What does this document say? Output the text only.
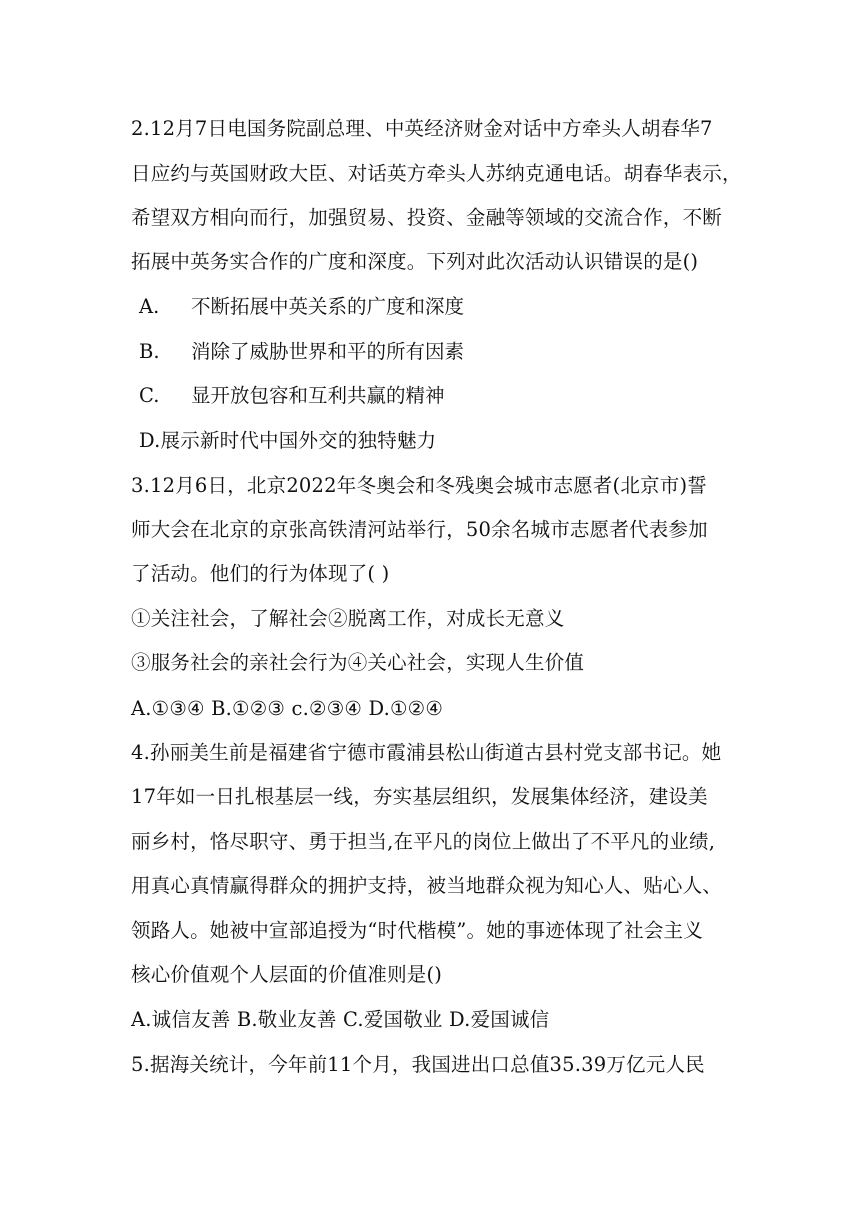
2.12月7日电国务院副总理、中英经济财金对话中方牵头人胡春华7
日应约与英国财政大臣、对话英方牵头人苏纳克通电话。胡春华表示，
希望双方相向而行，加强贸易、投资、金融等领域的交流合作，不断
拓展中英务实合作的广度和深度。下列对此次活动认识错误的是()
A.	不断拓展中英关系的广度和深度
B.	消除了威胁世界和平的所有因素
C.	显开放包容和互利共赢的精神
D.展示新时代中国外交的独特魅力
3.12月6日，北京2022年冬奥会和冬残奥会城市志愿者(北京市)誓
师大会在北京的京张高铁清河站举行，50余名城市志愿者代表参加
了活动。他们的行为体现了( )
①关注社会，了解社会②脱离工作，对成长无意义
③服务社会的亲社会行为④关心社会，实现人生价值
A.①③④ B.①②③ c.②③④ D.①②④
4.孙丽美生前是福建省宁德市霞浦县松山街道古县村党支部书记。她
17年如一日扎根基层一线，夯实基层组织，发展集体经济，建设美
丽乡村，恪尽职守、勇于担当,在平凡的岗位上做出了不平凡的业绩,
用真心真情赢得群众的拥护支持，被当地群众视为知心人、贴心人、
领路人。她被中宣部追授为“时代楷模”。她的事迹体现了社会主义
核心价值观个人层面的价值准则是()
A.诚信友善 B.敬业友善 C.爱国敬业 D.爱国诚信
5.据海关统计，今年前11个月，我国进出口总值35.39万亿元人民
